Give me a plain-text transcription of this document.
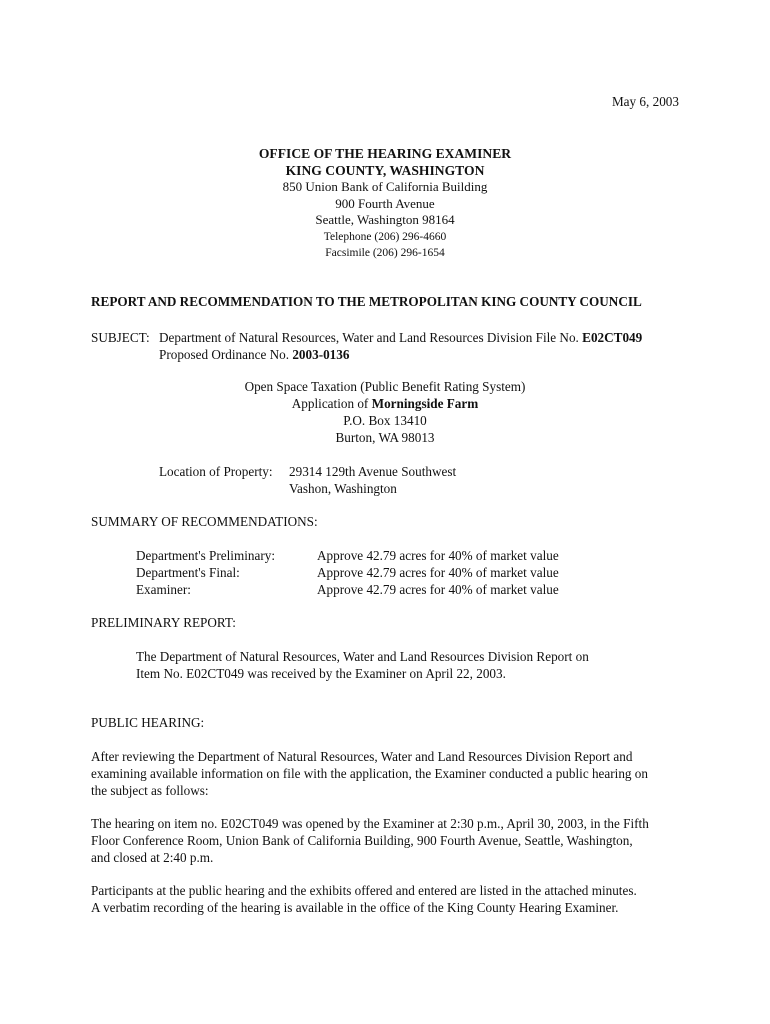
May 6, 2003
OFFICE OF THE HEARING EXAMINER
KING COUNTY, WASHINGTON
850 Union Bank of California Building
900 Fourth Avenue
Seattle, Washington 98164
Telephone (206) 296-4660
Facsimile (206) 296-1654
REPORT AND RECOMMENDATION TO THE METROPOLITAN KING COUNTY COUNCIL
SUBJECT: Department of Natural Resources, Water and Land Resources Division File No. E02CT049
Proposed Ordinance No. 2003-0136
Open Space Taxation (Public Benefit Rating System)
Application of Morningside Farm
P.O. Box 13410
Burton, WA 98013
Location of Property: 29314 129th Avenue Southwest
Vashon, Washington
SUMMARY OF RECOMMENDATIONS:
Department's Preliminary:	Approve 42.79 acres for 40% of market value
Department's Final:	Approve 42.79 acres for 40% of market value
Examiner:	Approve 42.79 acres for 40% of market value
PRELIMINARY REPORT:
The Department of Natural Resources, Water and Land Resources Division Report on
Item No. E02CT049 was received by the Examiner on April 22, 2003.
PUBLIC HEARING:
After reviewing the Department of Natural Resources, Water and Land Resources Division Report and
examining available information on file with the application, the Examiner conducted a public hearing on
the subject as follows:
The hearing on item no. E02CT049 was opened by the Examiner at 2:30 p.m., April 30, 2003, in the Fifth
Floor Conference Room, Union Bank of California Building, 900 Fourth Avenue, Seattle, Washington,
and closed at 2:40 p.m.
Participants at the public hearing and the exhibits offered and entered are listed in the attached minutes.
A verbatim recording of the hearing is available in the office of the King County Hearing Examiner.
